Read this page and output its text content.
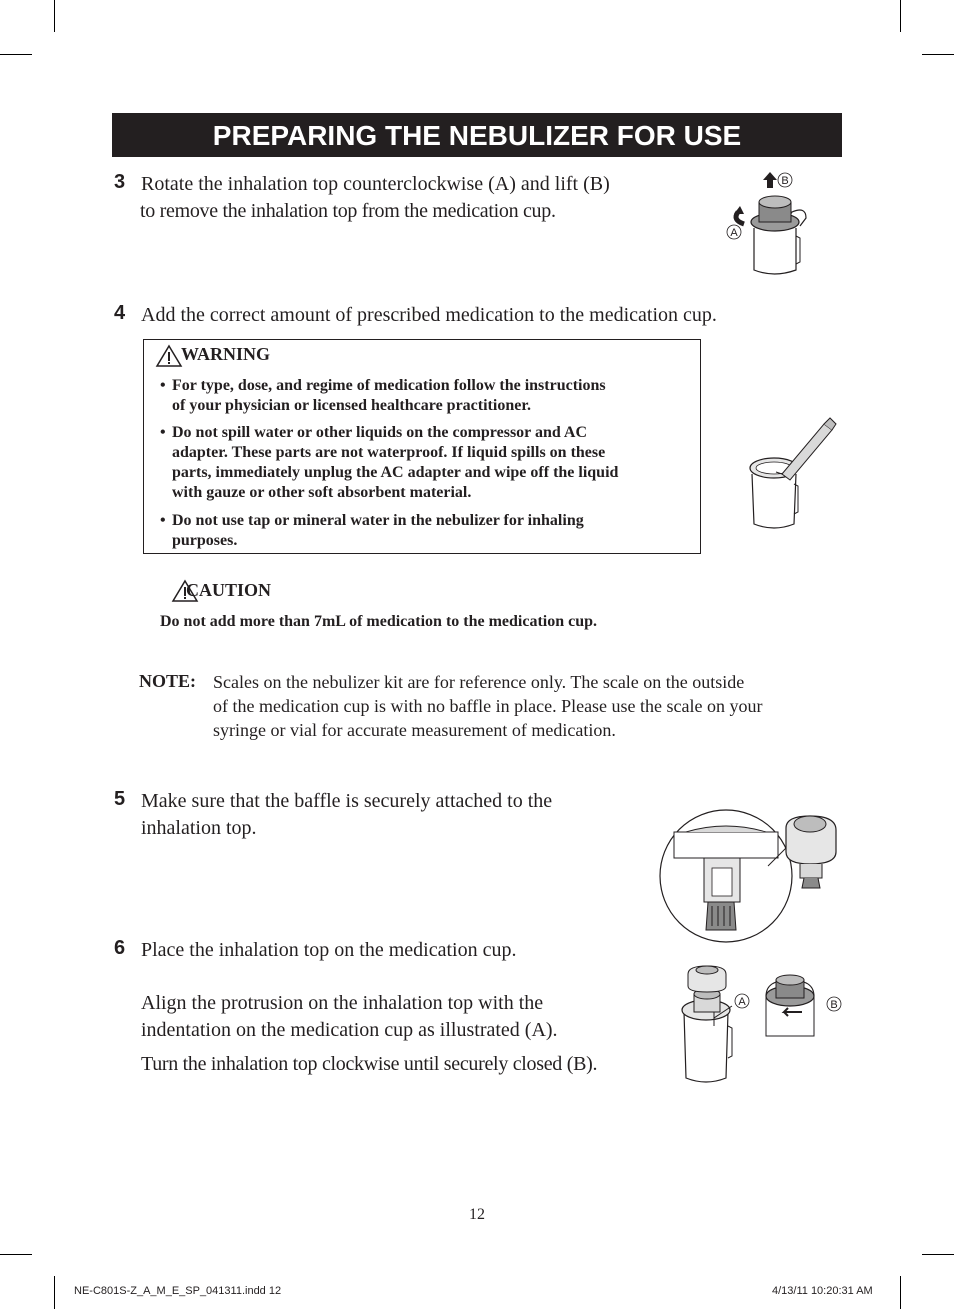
PREPARING THE NEBULIZER FOR USE
3 Rotate the inhalation top counterclockwise (A) and lift (B)
to remove the inhalation top from the medication cup.
B
A
4 Add the correct amount of prescribed medication to the medication cup.
WARNING
• For type, dose, and regime of medication follow the instructions
of your physician or licensed healthcare practitioner.
• Do not spill water or other liquids on the compressor and AC
adapter. These parts are not waterproof. If liquid spills on these
parts, immediately unplug the AC adapter and wipe off the liquid
with gauze or other soft absorbent material.
• Do not use tap or mineral water in the nebulizer for inhaling
purposes.
CAUTION
Do not add more than 7mL of medication to the medication cup.
NOTE: Scales on the nebulizer kit are for reference only. The scale on the outside
of the medication cup is with no baffle in place. Please use the scale on your
syringe or vial for accurate measurement of medication.
5 Make sure that the baffle is securely attached to the
inhalation top.
6 Place the inhalation top on the medication cup.
Align the protrusion on the inhalation top with the
indentation on the medication cup as illustrated (A).
Turn the inhalation top clockwise until securely closed (B).
A	B
12
NE-C801S-Z_A_M_E_SP_041311.indd 12	4/13/11 10:20:31 AM
